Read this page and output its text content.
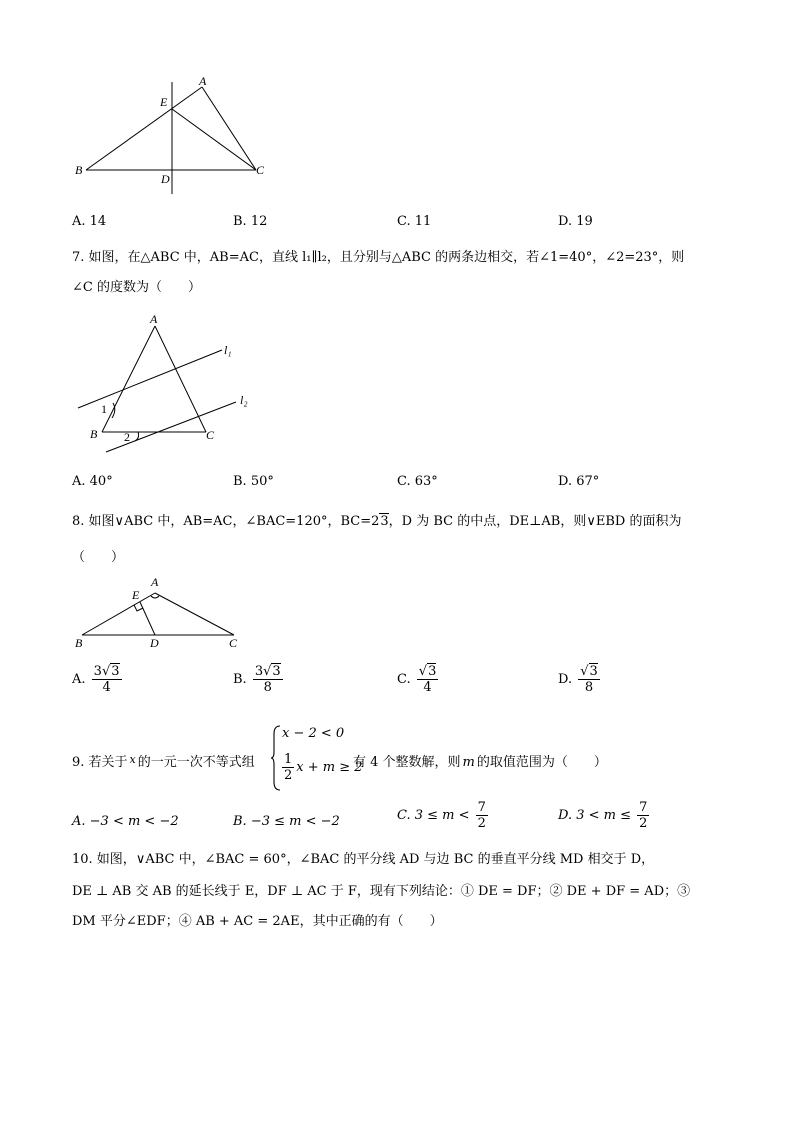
A
E
B
D
C
A. 14	B. 12	C. 11	D. 19
7. 如图，在△ABC 中，AB=AC，直线 l₁∥l₂，且分别与△ABC 的两条边相交，若∠1=40°，∠2=23°，则
∠C 的度数为（　　）
A
B	C
l₁
l₂
1
2
A. 40°	B. 50°	C. 63°	D. 67°
8. 如图∨ABC 中，AB=AC，∠BAC=120°，BC=23，D 为 BC 的中点，DE⊥AB，则∨EBD 的面积为
（　　）
A
E
B	D	C
A. $\frac{3√3}{4}$	B. $\frac{3√3}{8}$	C. $\frac{√3}{4}$	D. $\frac{√3}{8}$
9. 若关于 $^x$ 的一元一次不等式组
x − 2 < 0
$\frac{1}{2}$ x + m ≥ 2
有 4 个整数解，则 m 的取值范围为（　　）
A. −3 < m < −2	B. −3 ≤ m < −2	C. $3 \le m < \frac{7}{2}$	D. $3 < m \le \frac{7}{2}$
10. 如图，∨ABC 中，∠BAC = 60°，∠BAC 的平分线 AD 与边 BC 的垂直平分线 MD 相交于 D，
DE ⊥ AB 交 AB 的延长线于 E，DF ⊥ AC 于 F，现有下列结论：① DE = DF；② DE + DF = AD；③
DM 平分∠EDF；④ AB + AC = 2AE，其中正确的有（　　）
